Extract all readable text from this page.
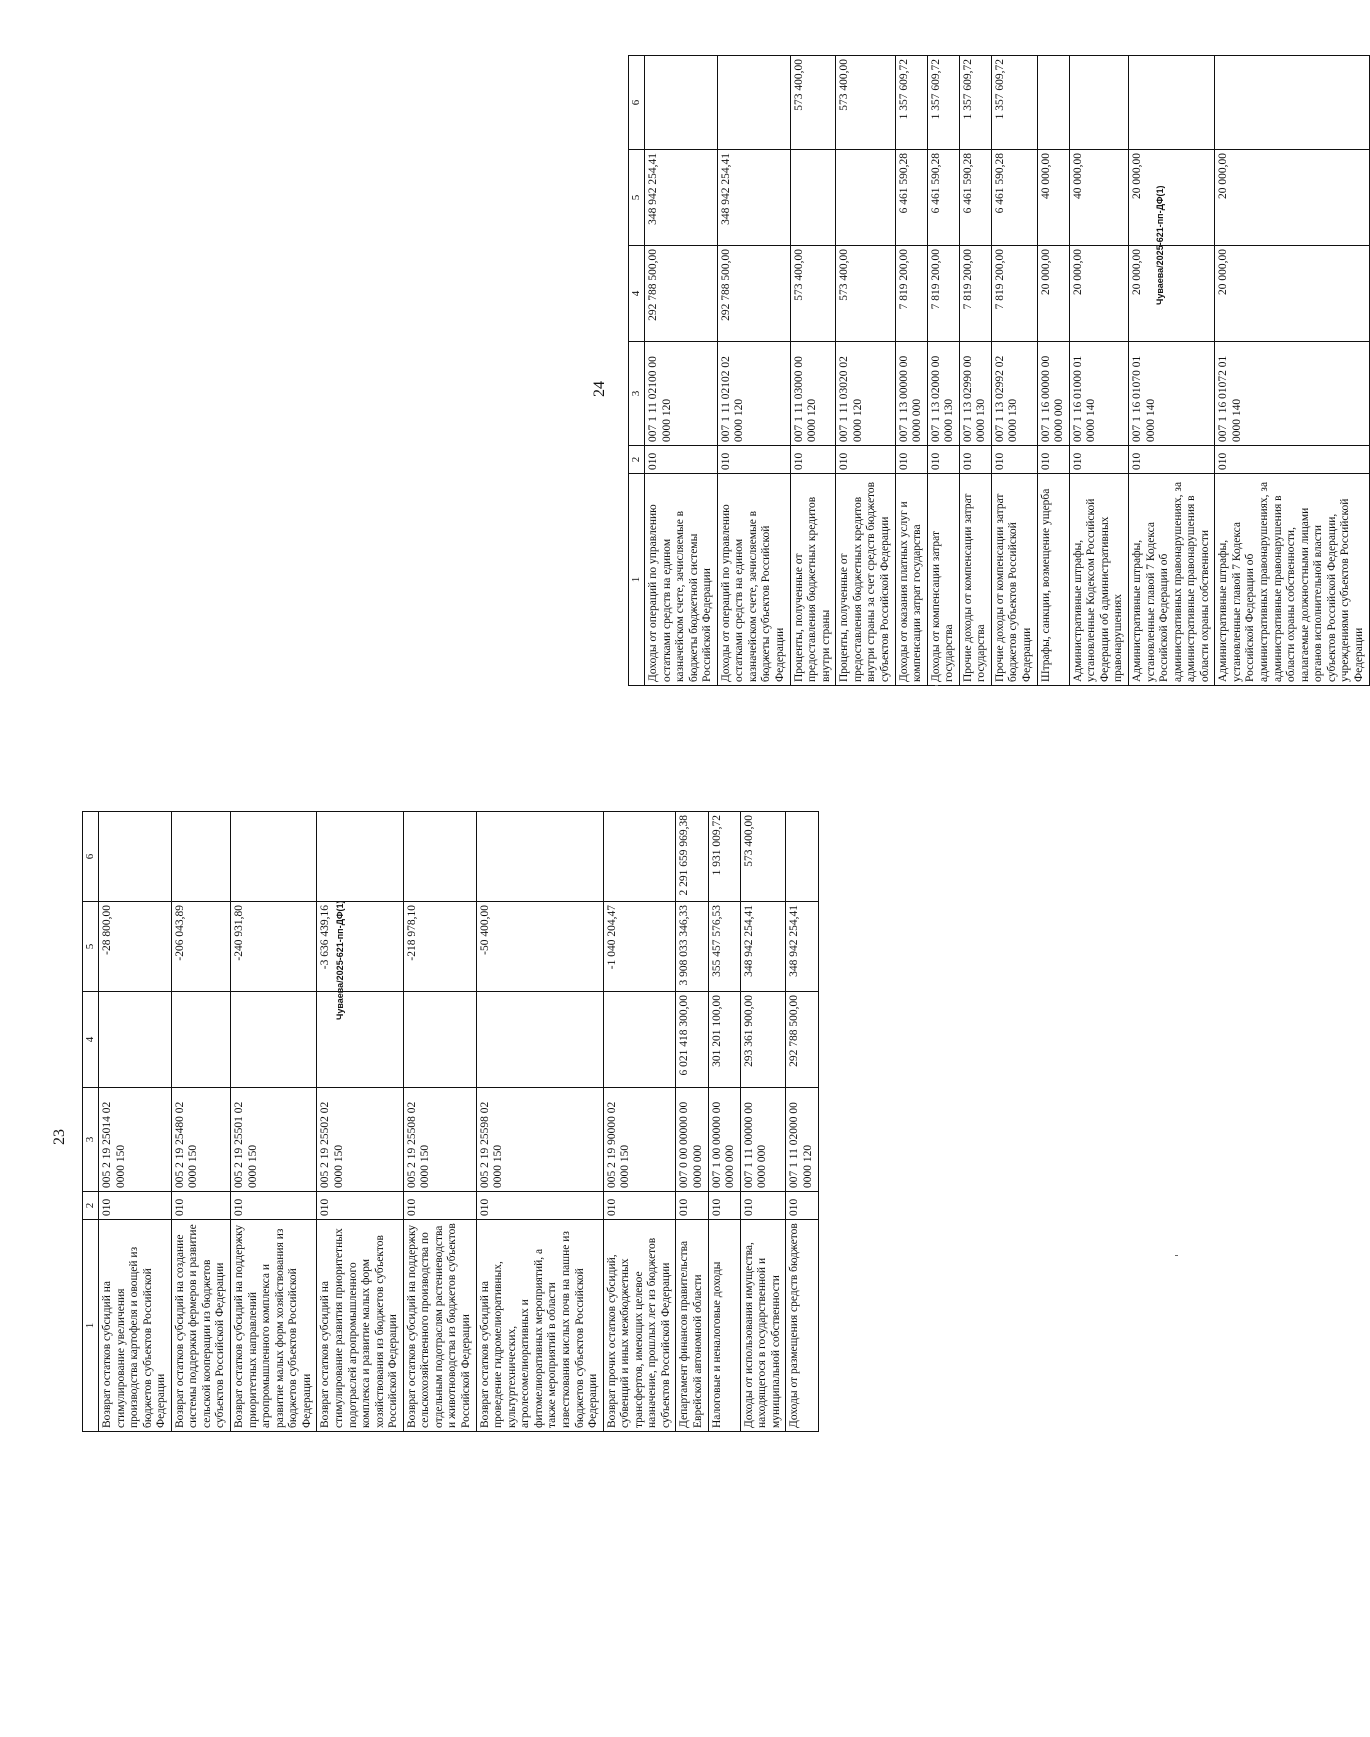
23
24
Чуваева/2025-621-пп-ДФ(1)
Чуваева/2025-621-пп-ДФ(1)
1	2	3	4	5	6
Возврат остатков субсидий на стимулирование увеличения производства картофеля и овощей из бюджетов субъектов Российской Федерации	010	005 2 19 25014 02 0000 150		-28 800,00	
Возврат остатков субсидий на создание системы поддержки фермеров и развитие сельской кооперации из бюджетов субъектов Российской Федерации	010	005 2 19 25480 02 0000 150		-206 043,89	
Возврат остатков субсидий на поддержку приоритетных направлений агропромышленного комплекса и развитие малых форм хозяйствования из бюджетов субъектов Российской Федерации	010	005 2 19 25501 02 0000 150		-240 931,80	
Возврат остатков субсидий на стимулирование развития приоритетных подотраслей агропромышленного комплекса и развитие малых форм хозяйствования из бюджетов субъектов Российской Федерации	010	005 2 19 25502 02 0000 150		-3 636 439,16	
Возврат остатков субсидий на поддержку сельскохозяйственного производства по отдельным подотраслям растениеводства и животноводства из бюджетов субъектов Российской Федерации	010	005 2 19 25508 02 0000 150		-218 978,10	
Возврат остатков субсидий на проведение гидромелиоративных, культуртехнических, агролесомелиоративных и фитомелиоративных мероприятий, а также мероприятий в области известкования кислых почв на пашне из бюджетов субъектов Российской Федерации	010	005 2 19 25598 02 0000 150		-50 400,00	
Возврат прочих остатков субсидий, субвенций и иных межбюджетных трансфертов, имеющих целевое назначение, прошлых лет из бюджетов субъектов Российской Федерации	010	005 2 19 90000 02 0000 150		-1 040 204,47	
Департамент финансов правительства Еврейской автономной области	010	007 0 00 00000 00 0000 000	6 021 418 300,00	3 908 033 346,33	2 291 659 969,38
Налоговые и неналоговые доходы	010	007 1 00 00000 00 0000 000	301 201 100,00	355 457 576,53	1 931 009,72
Доходы от использования имущества, находящегося в государственной и муниципальной собственности	010	007 1 11 00000 00 0000 000	293 361 900,00	348 942 254,41	573 400,00
Доходы от размещения средств бюджетов	010	007 1 11 02000 00 0000 120	292 788 500,00	348 942 254,41	
1	2	3	4	5	6
Доходы от операций по управлению остатками средств на едином казначейском счете, зачисляемые в бюджеты бюджетной системы Российской Федерации	010	007 1 11 02100 00 0000 120	292 788 500,00	348 942 254,41	
Доходы от операций по управлению остатками средств на едином казначейском счете, зачисляемые в бюджеты субъектов Российской Федерации	010	007 1 11 02102 02 0000 120	292 788 500,00	348 942 254,41	
Проценты, полученные от предоставления бюджетных кредитов внутри страны	010	007 1 11 03000 00 0000 120	573 400,00		573 400,00
Проценты, полученные от предоставления бюджетных кредитов внутри страны за счет средств бюджетов субъектов Российской Федерации	010	007 1 11 03020 02 0000 120	573 400,00		573 400,00
Доходы от оказания платных услуг и компенсации затрат государства	010	007 1 13 00000 00 0000 000	7 819 200,00	6 461 590,28	1 357 609,72
Доходы от компенсации затрат государства	010	007 1 13 02000 00 0000 130	7 819 200,00	6 461 590,28	1 357 609,72
Прочие доходы от компенсации затрат государства	010	007 1 13 02990 00 0000 130	7 819 200,00	6 461 590,28	1 357 609,72
Прочие доходы от компенсации затрат бюджетов субъектов Российской Федерации	010	007 1 13 02992 02 0000 130	7 819 200,00	6 461 590,28	1 357 609,72
Штрафы, санкции, возмещение ущерба	010	007 1 16 00000 00 0000 000	20 000,00	40 000,00	
Административные штрафы, установленные Кодексом Российской Федерации об административных правонарушениях	010	007 1 16 01000 01 0000 140	20 000,00	40 000,00	
Административные штрафы, установленные главой 7 Кодекса Российской Федерации об административных правонарушениях, за административные правонарушения в области охраны собственности	010	007 1 16 01070 01 0000 140	20 000,00	20 000,00	
Административные штрафы, установленные главой 7 Кодекса Российской Федерации об административных правонарушениях, за административные правонарушения в области охраны собственности, налагаемые должностными лицами органов исполнительной власти субъектов Российской Федерации, учреждениями субъектов Российской Федерации	010	007 1 16 01072 01 0000 140	20 000,00	20 000,00	
